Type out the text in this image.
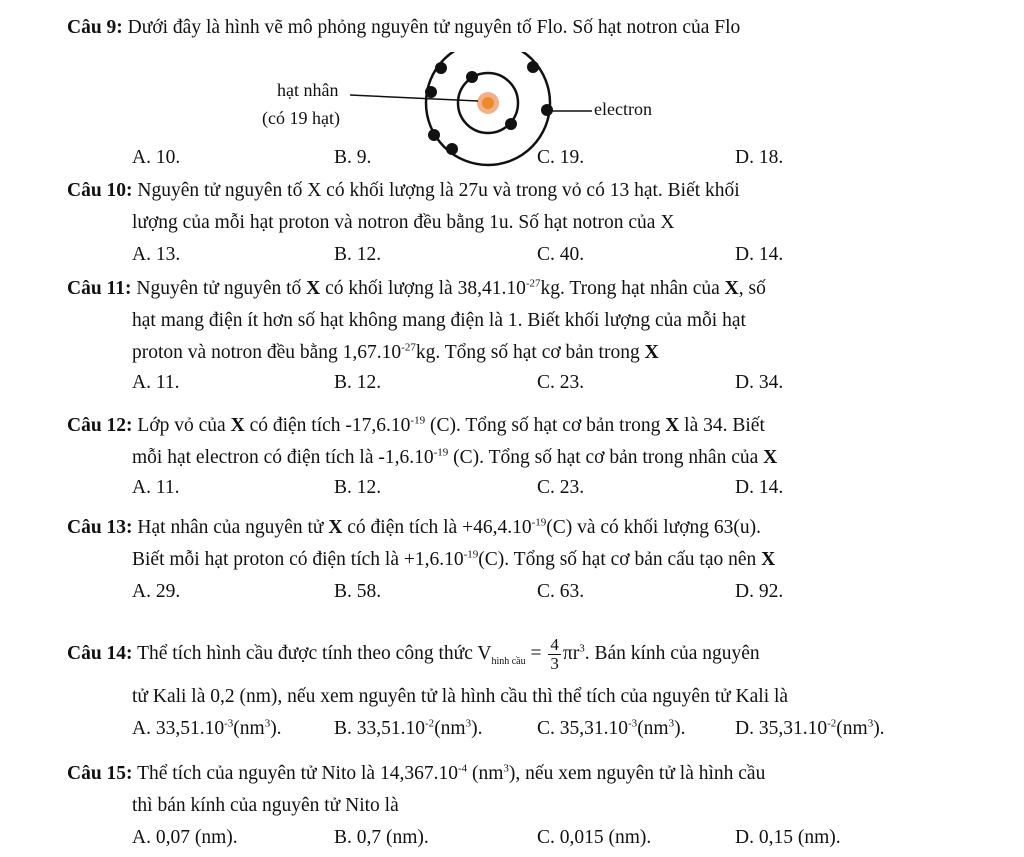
Câu 9: Dưới đây là hình vẽ mô phỏng nguyên tử nguyên tố Flo. Số hạt notron của Flo
hạt nhân
(có 19 hạt)	electron
A. 10.	B. 9.	C. 19.	D. 18.
Câu 10: Nguyên tử nguyên tố X có khối lượng là 27u và trong vỏ có 13 hạt. Biết khối
lượng của mỗi hạt proton và notron đều bằng 1u. Số hạt notron của X
A. 13.	B. 12.	C. 40.	D. 14.
Câu 11: Nguyên tử nguyên tố X có khối lượng là $38,41.10^{-27}kg$. Trong hạt nhân của X, số
hạt mang điện ít hơn số hạt không mang điện là 1. Biết khối lượng của mỗi hạt
proton và notron đều bằng $1,67.10^{-27}kg$. Tổng số hạt cơ bản trong X
A. 11.	B. 12.	C. 23.	D. 34.
Câu 12: Lớp vỏ của X có điện tích $-17,6.10^{-19}$ (C). Tổng số hạt cơ bản trong X là 34. Biết
mỗi hạt electron có điện tích là $-1,6.10^{-19}$ (C). Tổng số hạt cơ bản trong nhân của X
A. 11.	B. 12.	C. 23.	D. 14.
Câu 13: Hạt nhân của nguyên tử X có điện tích là $+46,4.10^{-19}(C)$ và có khối lượng 63(u).
Biết mỗi hạt proton có điện tích là $+1,6.10^{-19}(C)$. Tổng số hạt cơ bản cấu tạo nên X
A. 29.	B. 58.	C. 63.	D. 92.
Câu 14: Thể tích hình cầu được tính theo công thức $V_{hình cầu} = \frac{4}{3} \pi r^3$. Bán kính của nguyên
tử Kali là 0,2 (nm), nếu xem nguyên tử là hình cầu thì thể tích của nguyên tử Kali là
A. $33,51.10^{-3}(nm^3)$.	B. $33,51.10^{-2}(nm^3)$.	C. $35,31.10^{-3}(nm^3)$.	D. $35,31.10^{-2}(nm^3)$.
Câu 15: Thể tích của nguyên tử Nito là $14,367.10^{-4}$ $(nm^3)$, nếu xem nguyên tử là hình cầu
thì bán kính của nguyên tử Nito là
A. 0,07 (nm).	B. 0,7 (nm).	C. 0,015 (nm).	D. 0,15 (nm).
